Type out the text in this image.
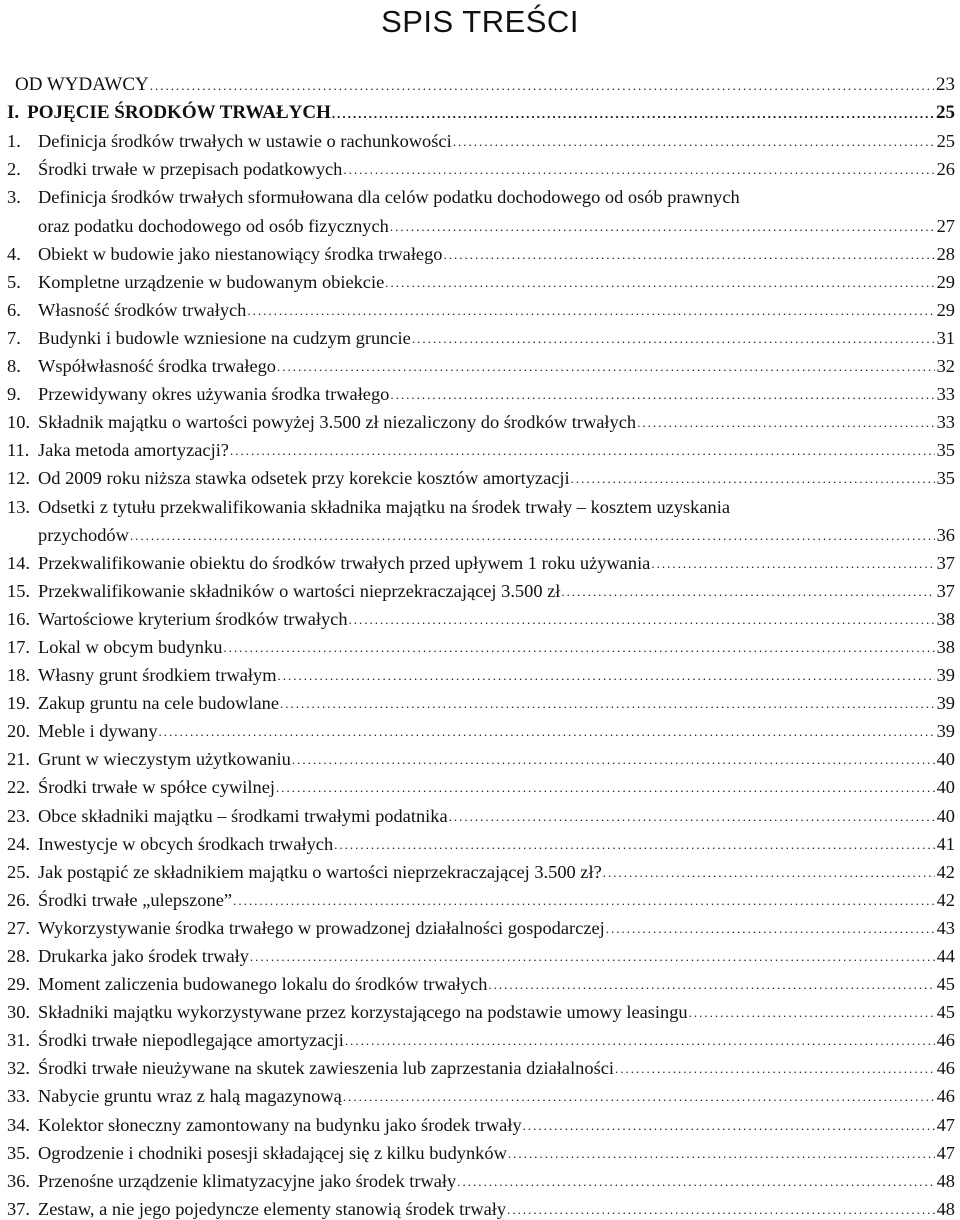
SPIS TREŚCI
OD WYDAWCY .....	23
I. POJĘCIE ŚRODKÓW TRWAŁYCH .....	25
1. Definicja środków trwałych w ustawie o rachunkowości .....	25
2. Środki trwałe w przepisach podatkowych .....	26
3. Definicja środków trwałych sformułowana dla celów podatku dochodowego od osób prawnych
oraz podatku dochodowego od osób fizycznych .....	27
4. Obiekt w budowie jako niestanowiący środka trwałego .....	28
5. Kompletne urządzenie w budowanym obiekcie .....	29
6. Własność środków trwałych .....	29
7. Budynki i budowle wzniesione na cudzym gruncie .....	31
8. Współwłasność środka trwałego .....	32
9. Przewidywany okres używania środka trwałego .....	33
10. Składnik majątku o wartości powyżej 3.500 zł niezaliczony do środków trwałych .....	33
11. Jaka metoda amortyzacji? .....	35
12. Od 2009 roku niższa stawka odsetek przy korekcie kosztów amortyzacji .....	35
13. Odsetki z tytułu przekwalifikowania składnika majątku na środek trwały – kosztem uzyskania
przychodów .....	36
14. Przekwalifikowanie obiektu do środków trwałych przed upływem 1 roku używania .....	37
15. Przekwalifikowanie składników o wartości nieprzekraczającej 3.500 zł .....	37
16. Wartościowe kryterium środków trwałych .....	38
17. Lokal w obcym budynku .....	38
18. Własny grunt środkiem trwałym .....	39
19. Zakup gruntu na cele budowlane .....	39
20. Meble i dywany .....	39
21. Grunt w wieczystym użytkowaniu .....	40
22. Środki trwałe w spółce cywilnej .....	40
23. Obce składniki majątku – środkami trwałymi podatnika .....	40
24. Inwestycje w obcych środkach trwałych .....	41
25. Jak postąpić ze składnikiem majątku o wartości nieprzekraczającej 3.500 zł? .....	42
26. Środki trwałe „ulepszone” .....	42
27. Wykorzystywanie środka trwałego w prowadzonej działalności gospodarczej .....	43
28. Drukarka jako środek trwały .....	44
29. Moment zaliczenia budowanego lokalu do środków trwałych .....	45
30. Składniki majątku wykorzystywane przez korzystającego na podstawie umowy leasingu .....	45
31. Środki trwałe niepodlegające amortyzacji .....	46
32. Środki trwałe nieużywane na skutek zawieszenia lub zaprzestania działalności .....	46
33. Nabycie gruntu wraz z halą magazynową .....	46
34. Kolektor słoneczny zamontowany na budynku jako środek trwały .....	47
35. Ogrodzenie i chodniki posesji składającej się z kilku budynków .....	47
36. Przenośne urządzenie klimatyzacyjne jako środek trwały .....	48
37. Zestaw, a nie jego pojedyncze elementy stanowią środek trwały .....	48
